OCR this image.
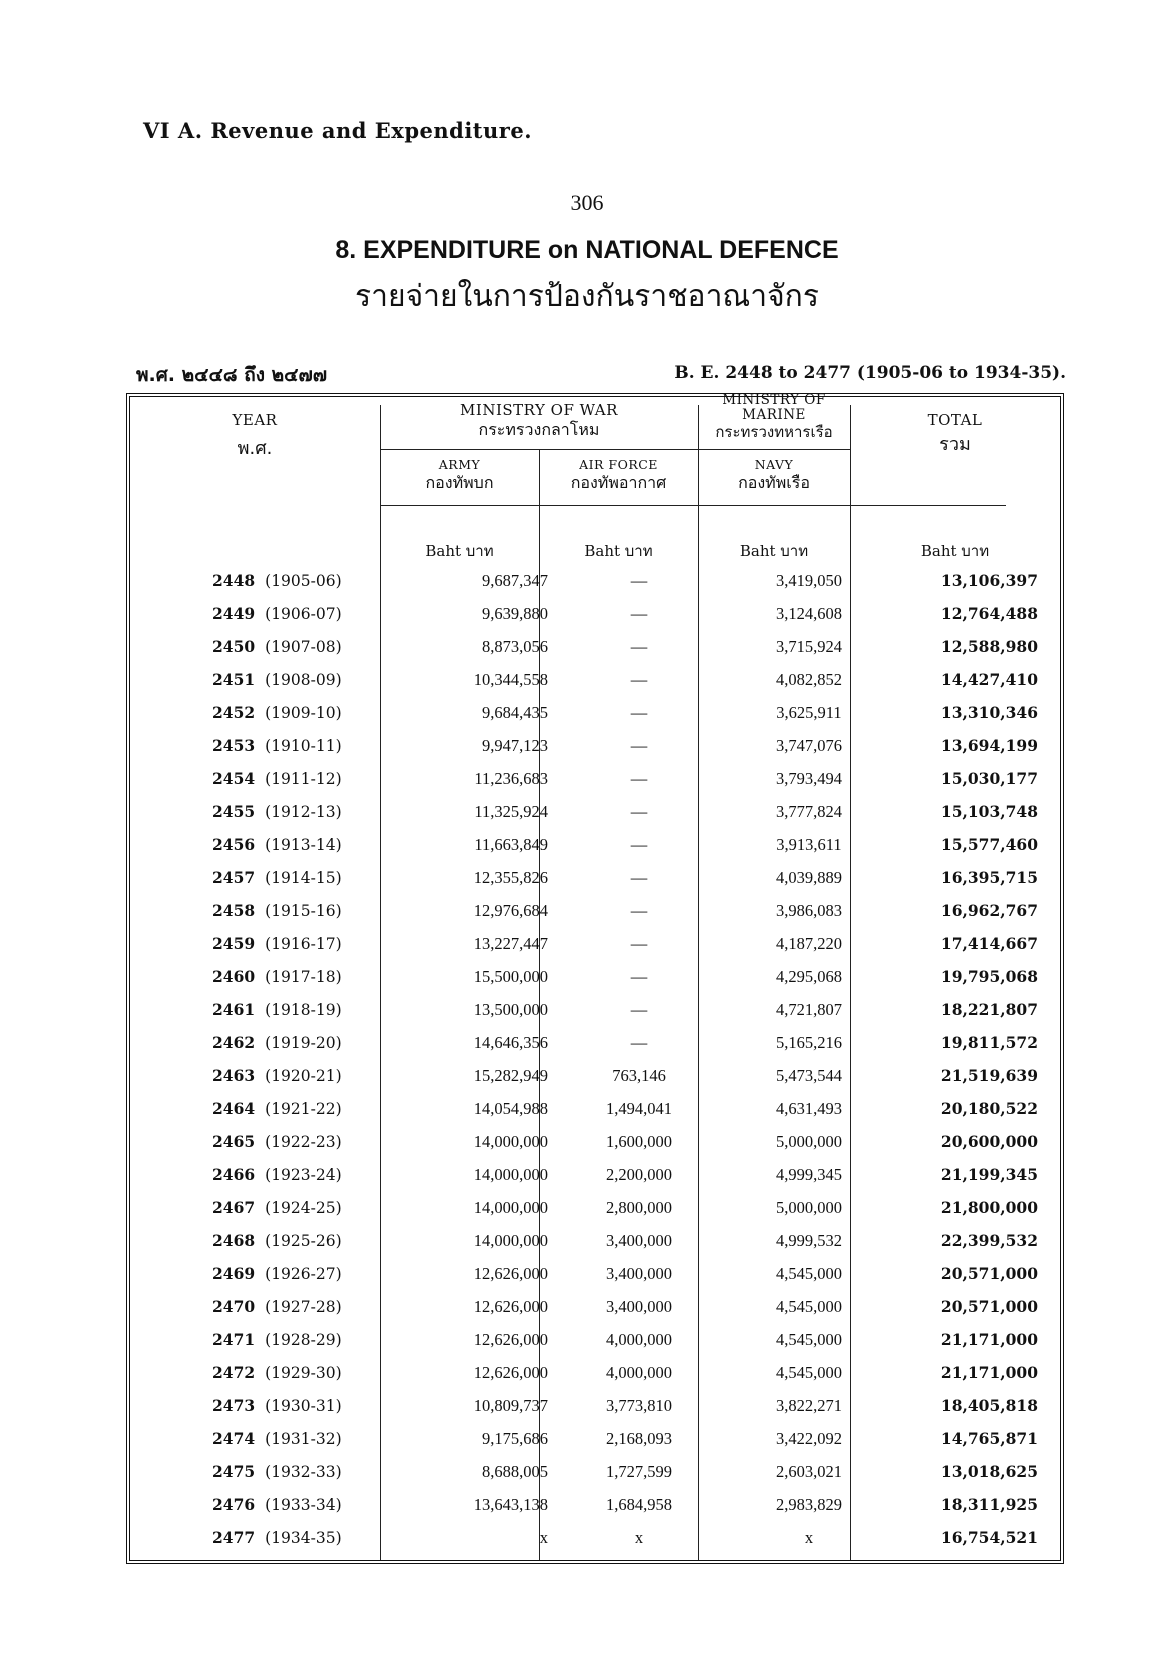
VI A. Revenue and Expenditure.
306
8. EXPENDITURE on NATIONAL DEFENCE
รายจ่ายในการป้องกันราชอาณาจักร
พ.ศ. ๒๔๔๘ ถึง ๒๔๗๗	B. E. 2448 to 2477 (1905-06 to 1934-35).
YEAR
พ.ศ.
MINISTRY OF WAR
กระทรวงกลาโหม
MINISTRY OF MARINE
กระทรวงทหารเรือ
TOTAL
รวม
ARMY
กองทัพบก
AIR FORCE
กองทัพอากาศ
NAVY
กองทัพเรือ
Baht บาท	Baht บาท	Baht บาท	Baht บาท
2448 (1905-06)	9,687,347	—	3,419,050	13,106,397
2449 (1906-07)	9,639,880	—	3,124,608	12,764,488
2450 (1907-08)	8,873,056	—	3,715,924	12,588,980
2451 (1908-09)	10,344,558	—	4,082,852	14,427,410
2452 (1909-10)	9,684,435	—	3,625,911	13,310,346
2453 (1910-11)	9,947,123	—	3,747,076	13,694,199
2454 (1911-12)	11,236,683	—	3,793,494	15,030,177
2455 (1912-13)	11,325,924	—	3,777,824	15,103,748
2456 (1913-14)	11,663,849	—	3,913,611	15,577,460
2457 (1914-15)	12,355,826	—	4,039,889	16,395,715
2458 (1915-16)	12,976,684	—	3,986,083	16,962,767
2459 (1916-17)	13,227,447	—	4,187,220	17,414,667
2460 (1917-18)	15,500,000	—	4,295,068	19,795,068
2461 (1918-19)	13,500,000	—	4,721,807	18,221,807
2462 (1919-20)	14,646,356	—	5,165,216	19,811,572
2463 (1920-21)	15,282,949	763,146	5,473,544	21,519,639
2464 (1921-22)	14,054,988	1,494,041	4,631,493	20,180,522
2465 (1922-23)	14,000,000	1,600,000	5,000,000	20,600,000
2466 (1923-24)	14,000,000	2,200,000	4,999,345	21,199,345
2467 (1924-25)	14,000,000	2,800,000	5,000,000	21,800,000
2468 (1925-26)	14,000,000	3,400,000	4,999,532	22,399,532
2469 (1926-27)	12,626,000	3,400,000	4,545,000	20,571,000
2470 (1927-28)	12,626,000	3,400,000	4,545,000	20,571,000
2471 (1928-29)	12,626,000	4,000,000	4,545,000	21,171,000
2472 (1929-30)	12,626,000	4,000,000	4,545,000	21,171,000
2473 (1930-31)	10,809,737	3,773,810	3,822,271	18,405,818
2474 (1931-32)	9,175,686	2,168,093	3,422,092	14,765,871
2475 (1932-33)	8,688,005	1,727,599	2,603,021	13,018,625
2476 (1933-34)	13,643,138	1,684,958	2,983,829	18,311,925
2477 (1934-35)	x	x	x	16,754,521
